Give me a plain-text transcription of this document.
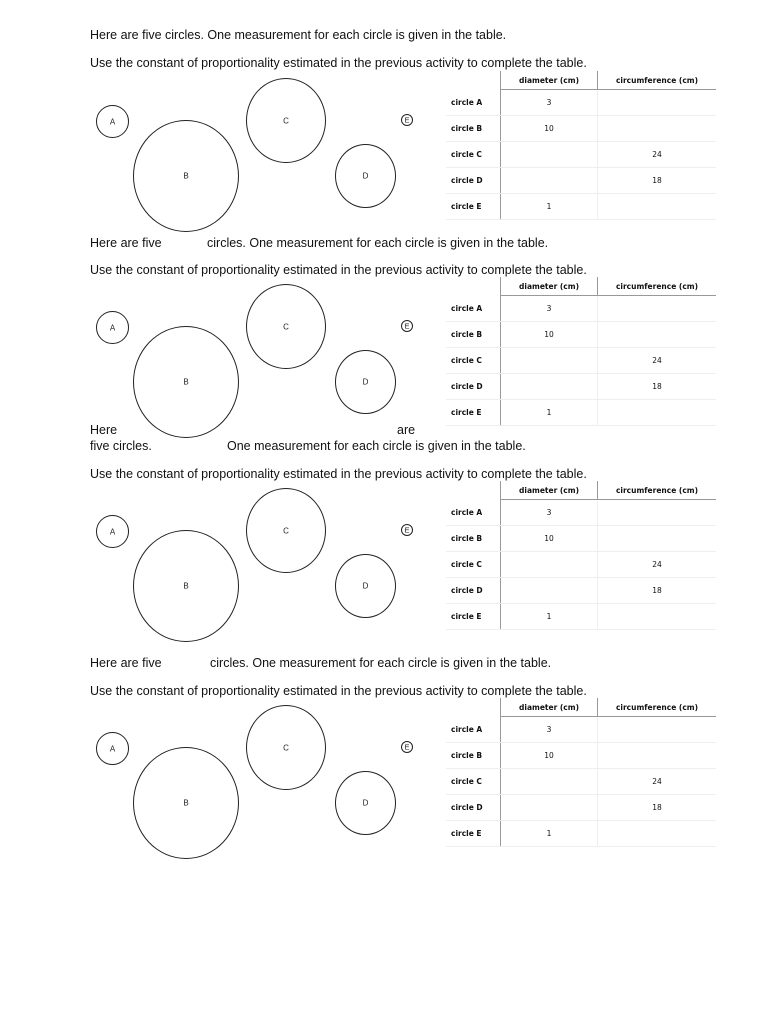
Here are five circles. One measurement for each circle is given in the table.
Use the constant of proportionality estimated in the previous activity to complete the table.
Here are five	circles. One measurement for each circle is given in the table.
Use the constant of proportionality estimated in the previous activity to complete the table.
Here	are
five circles.	One measurement for each circle is given in the table.
Use the constant of proportionality estimated in the previous activity to complete the table.
Here are five	circles. One measurement for each circle is given in the table.
Use the constant of proportionality estimated in the previous activity to complete the table.
A
B
C
D
E
A
B
C
D
E
A
B
C
D
E
A
B
C
D
E
	diameter (cm)	circumference (cm)
circle A	3	
circle B	10	
circle C		24
circle D		18
circle E	1	
	diameter (cm)	circumference (cm)
circle A	3	
circle B	10	
circle C		24
circle D		18
circle E	1	
	diameter (cm)	circumference (cm)
circle A	3	
circle B	10	
circle C		24
circle D		18
circle E	1	
	diameter (cm)	circumference (cm)
circle A	3	
circle B	10	
circle C		24
circle D		18
circle E	1	
